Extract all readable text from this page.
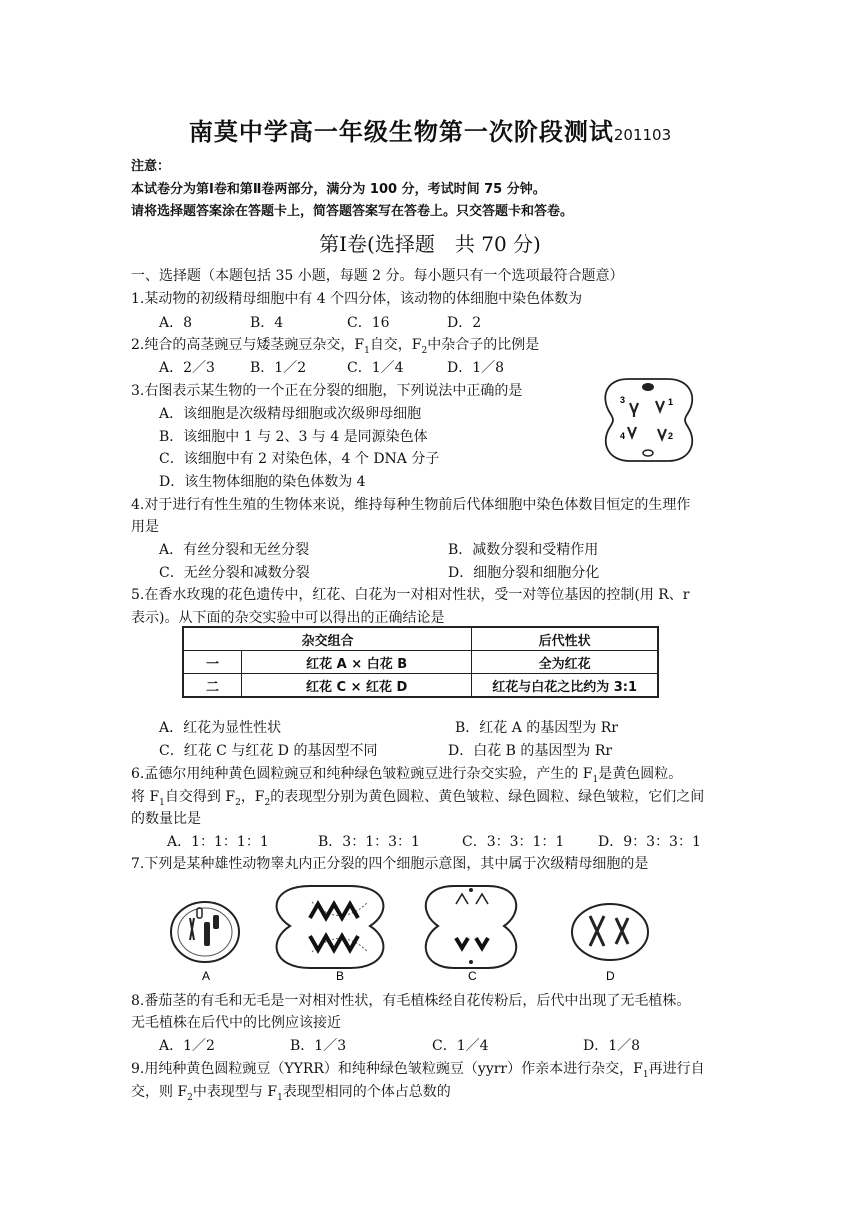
南莫中学高一年级生物第一次阶段测试201103
注意：
本试卷分为第Ⅰ卷和第Ⅱ卷两部分，满分为 100 分，考试时间 75 分钟。
请将选择题答案涂在答题卡上，简答题答案写在答卷上。只交答题卡和答卷。
第Ⅰ卷(选择题　共 70 分)
一、选择题（本题包括 35 小题，每题 2 分。每小题只有一个选项最符合题意）
1.某动物的初级精母细胞中有 4 个四分体，该动物的体细胞中染色体数为
A．8	B．4	C．16	D．2
2.纯合的高茎豌豆与矮茎豌豆杂交，$F_1$自交，$F_2$中杂合子的比例是
A．2／3	B．1／2	C．1／4	D．1／8
3.右图表示某生物的一个正在分裂的细胞，下列说法中正确的是
A．该细胞是次级精母细胞或次级卵母细胞
B．该细胞中 1 与 2、3 与 4 是同源染色体
C．该细胞中有 2 对染色体，4 个 DNA 分子
D．该生物体细胞的染色体数为 4
3	1
4	2
4.对于进行有性生殖的生物体来说，维持每种生物前后代体细胞中染色体数目恒定的生理作
用是
A．有丝分裂和无丝分裂	B．减数分裂和受精作用
C．无丝分裂和减数分裂	D．细胞分裂和细胞分化
5.在香水玫瑰的花色遗传中，红花、白花为一对相对性状，受一对等位基因的控制(用 R、r
表示)。从下面的杂交实验中可以得出的正确结论是
杂交组合		后代性状
一	红花 A × 白花 B	全为红花
二	红花 C × 红花 D	红花与白花之比约为 3:1
A．红花为显性性状	B．红花 A 的基因型为 Rr
C．红花 C 与红花 D 的基因型不同	D．白花 B 的基因型为 Rr
6.孟德尔用纯种黄色圆粒豌豆和纯种绿色皱粒豌豆进行杂交实验，产生的 $F_1$是黄色圆粒。
将 $F_1$自交得到 $F_2$，$F_2$的表现型分别为黄色圆粒、黄色皱粒、绿色圆粒、绿色皱粒，它们之间
的数量比是
A．1：1：1：1	B．3：1：3：1	C．3：3：1：1 D．9：3：3：1
7.下列是某种雄性动物睾丸内正分裂的四个细胞示意图，其中属于次级精母细胞的是
A	B	C	D
8.番茄茎的有毛和无毛是一对相对性状，有毛植株经自花传粉后，后代中出现了无毛植株。
无毛植株在后代中的比例应该接近
A．1／2	B．1／3	C．1／4	D．1／8
9.用纯种黄色圆粒豌豆（YYRR）和纯种绿色皱粒豌豆（yyrr）作亲本进行杂交，$F_1$再进行自
交，则 $F_2$中表现型与 $F_1$表现型相同的个体占总数的
